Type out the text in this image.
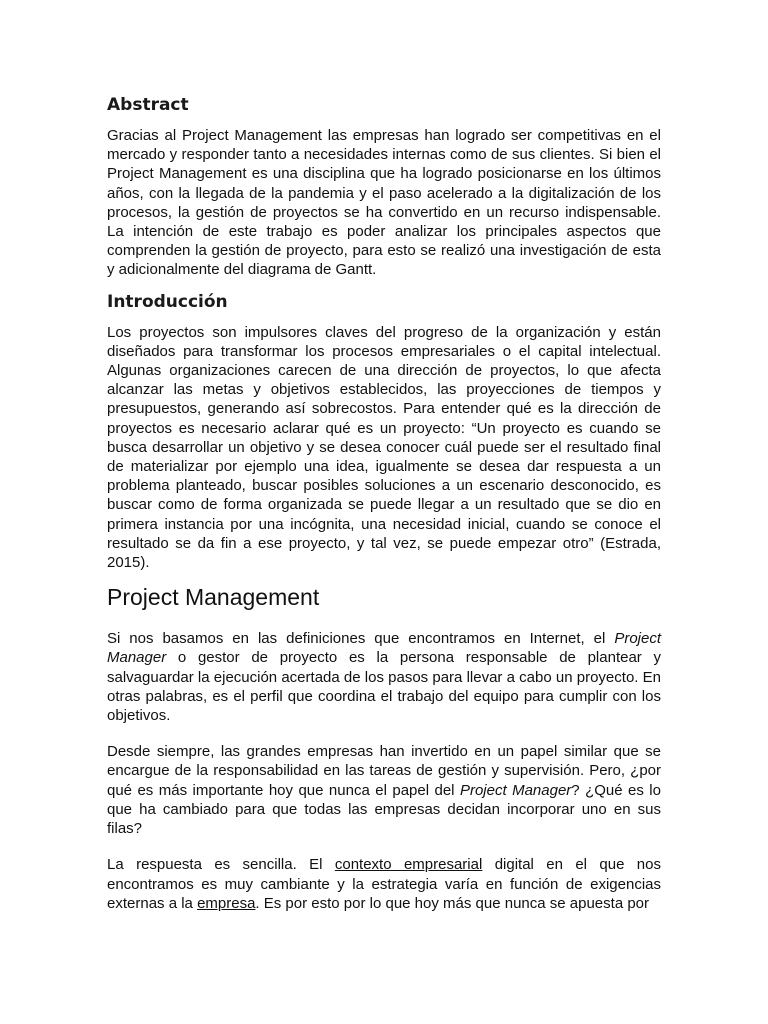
Abstract

Gracias al Project Management las empresas han logrado ser competitivas en el mercado y responder tanto a necesidades internas como de sus clientes. Si bien el Project Management es una disciplina que ha logrado posicionarse en los últimos años, con la llegada de la pandemia y el paso acelerado a la digitalización de los procesos, la gestión de proyectos se ha convertido en un recurso indispensable. La intención de este trabajo es poder analizar los principales aspectos que comprenden la gestión de proyecto, para esto se realizó una investigación de esta y adicionalmente del diagrama de Gantt.

Introducción

Los proyectos son impulsores claves del progreso de la organización y están diseñados para transformar los procesos empresariales o el capital intelectual. Algunas organizaciones carecen de una dirección de proyectos, lo que afecta alcanzar las metas y objetivos establecidos, las proyecciones de tiempos y presupuestos, generando así sobrecostos. Para entender qué es la dirección de proyectos es necesario aclarar qué es un proyecto: “Un proyecto es cuando se busca desarrollar un objetivo y se desea conocer cuál puede ser el resultado final de materializar por ejemplo una idea, igualmente se desea dar respuesta a un problema planteado, buscar posibles soluciones a un escenario desconocido, es buscar como de forma organizada se puede llegar a un resultado que se dio en primera instancia por una incógnita, una necesidad inicial, cuando se conoce el resultado se da fin a ese proyecto, y tal vez, se puede empezar otro” (Estrada, 2015).

Project Management

Si nos basamos en las definiciones que encontramos en Internet, el Project Manager o gestor de proyecto es la persona responsable de plantear y salvaguardar la ejecución acertada de los pasos para llevar a cabo un proyecto. En otras palabras, es el perfil que coordina el trabajo del equipo para cumplir con los objetivos.

Desde siempre, las grandes empresas han invertido en un papel similar que se encargue de la responsabilidad en las tareas de gestión y supervisión. Pero, ¿por qué es más importante hoy que nunca el papel del Project Manager? ¿Qué es lo que ha cambiado para que todas las empresas decidan incorporar uno en sus filas?

La respuesta es sencilla. El contexto empresarial digital en el que nos encontramos es muy cambiante y la estrategia varía en función de exigencias externas a la empresa. Es por esto por lo que hoy más que nunca se apuesta por
